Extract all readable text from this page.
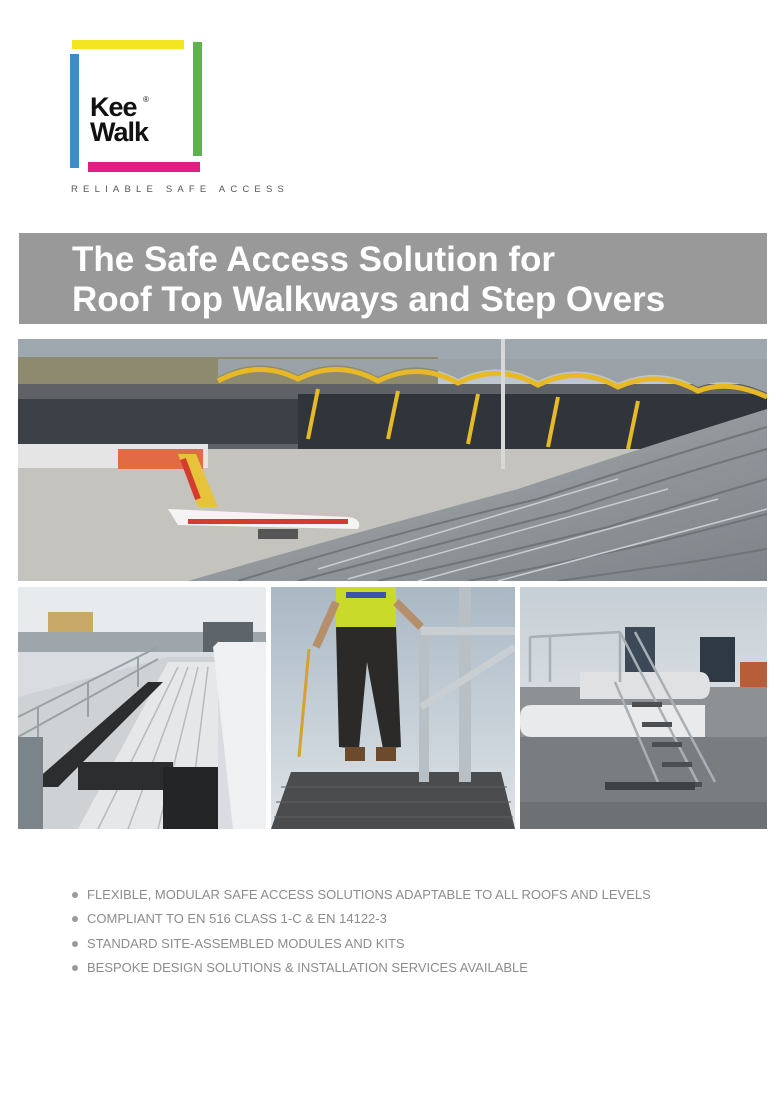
Kee ®
Walk
RELIABLE SAFE ACCESS
The Safe Access Solution for
Roof Top Walkways and Step Overs
FLEXIBLE, MODULAR SAFE ACCESS SOLUTIONS ADAPTABLE TO ALL ROOFS AND LEVELS
COMPLIANT TO EN 516 CLASS 1-C & EN 14122-3
STANDARD SITE-ASSEMBLED MODULES AND KITS
BESPOKE DESIGN SOLUTIONS & INSTALLATION SERVICES AVAILABLE
